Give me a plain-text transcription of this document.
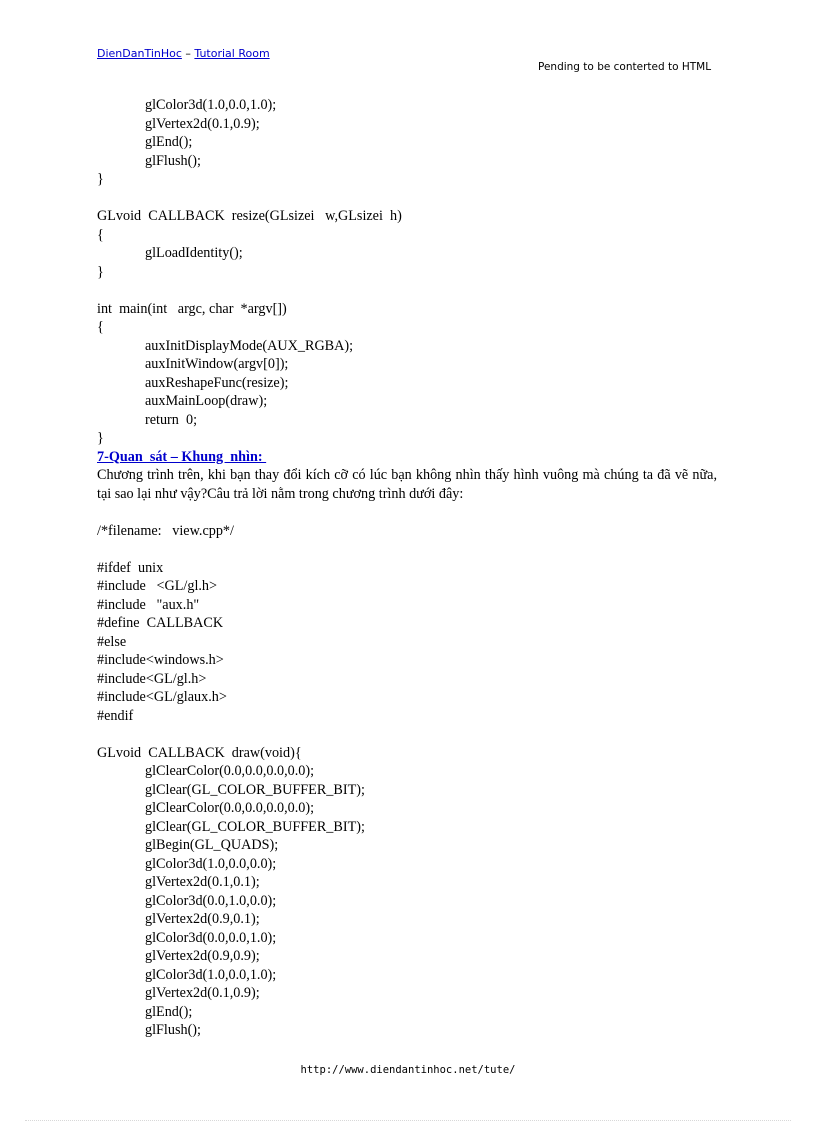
DienDanTinHoc – Tutorial Room
Pending to be conterted to HTML
glColor3d(1.0,0.0,1.0);
glVertex2d(0.1,0.9);
glEnd();
glFlush();
}
GLvoid  CALLBACK  resize(GLsizei   w,GLsizei  h)
{
glLoadIdentity();
}
int  main(int   argc, char  *argv[])
{
auxInitDisplayMode(AUX_RGBA);
auxInitWindow(argv[0]);
auxReshapeFunc(resize);
auxMainLoop(draw);
return  0;
}
7-Quan  sát – Khung  nhìn:
Chương trình trên, khi bạn thay đổi kích cỡ có lúc bạn không nhìn thấy hình vuông mà chúng ta đã vẽ nữa, tại sao lại như vậy?Câu trả lời nằm trong chương trình dưới đây:
/*filename:   view.cpp*/
#ifdef  unix
#include   <GL/gl.h>
#include   "aux.h"
#define  CALLBACK
#else
#include<windows.h>
#include<GL/gl.h>
#include<GL/glaux.h>
#endif
GLvoid  CALLBACK  draw(void){
glClearColor(0.0,0.0,0.0,0.0);
glClear(GL_COLOR_BUFFER_BIT);
glClearColor(0.0,0.0,0.0,0.0);
glClear(GL_COLOR_BUFFER_BIT);
glBegin(GL_QUADS);
glColor3d(1.0,0.0,0.0);
glVertex2d(0.1,0.1);
glColor3d(0.0,1.0,0.0);
glVertex2d(0.9,0.1);
glColor3d(0.0,0.0,1.0);
glVertex2d(0.9,0.9);
glColor3d(1.0,0.0,1.0);
glVertex2d(0.1,0.9);
glEnd();
glFlush();
http://www.diendantinhoc.net/tute/
